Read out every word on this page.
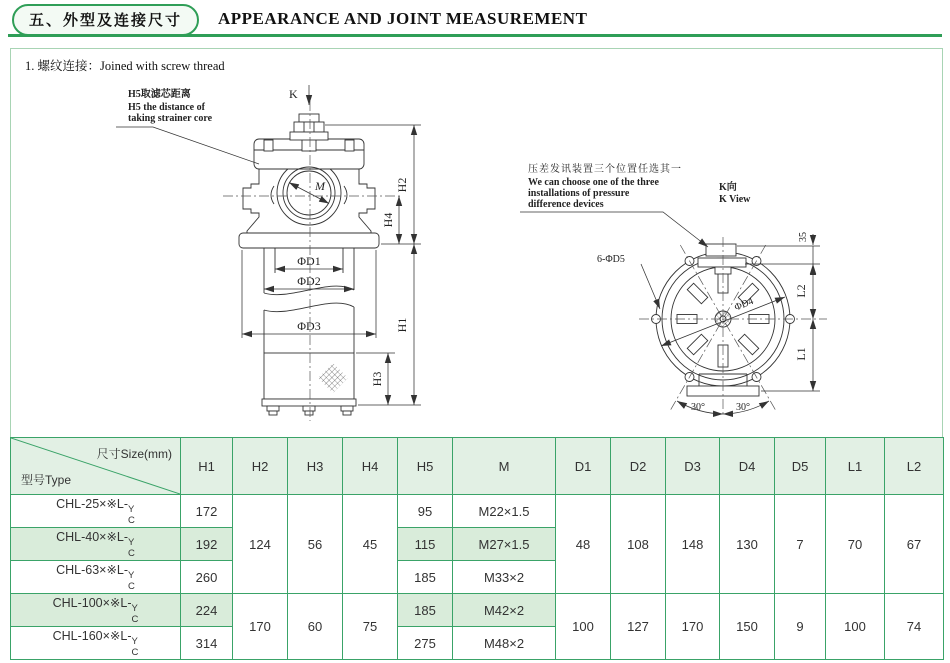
五、外型及连接尺寸	APPEARANCE AND JOINT MEASUREMENT
1. 螺纹连接：Joined with screw thread
M
K
H5取滤芯距离
H5 the distance of
taking strainer core
ΦD1
ΦD2
ΦD3
H2
H4
H1
H3
ΦD4
35
L2
L1
30°	30°
6-ΦD5
K向
K View
压差发讯装置三个位置任选其一
We can choose one of the three
installations of pressure
difference devices
尺寸Size(mm)
型号Type	H1	H2	H3	H4	H5	M	D1	D2	D3	D4	D5	L1	L2
CHL-25×※L- Y
C	172	124	56	45	95	M22×1.5	48	108	148	130	7	70	67
CHL-40×※L- Y
C	192				115	M27×1.5							
CHL-63×※L- Y
C	260				185	M33×2							
CHL-100×※L- Y
C	224	170	60	75	185	M42×2	100	127	170	150	9	100	74
CHL-160×※L- Y
C	314				275	M48×2							
